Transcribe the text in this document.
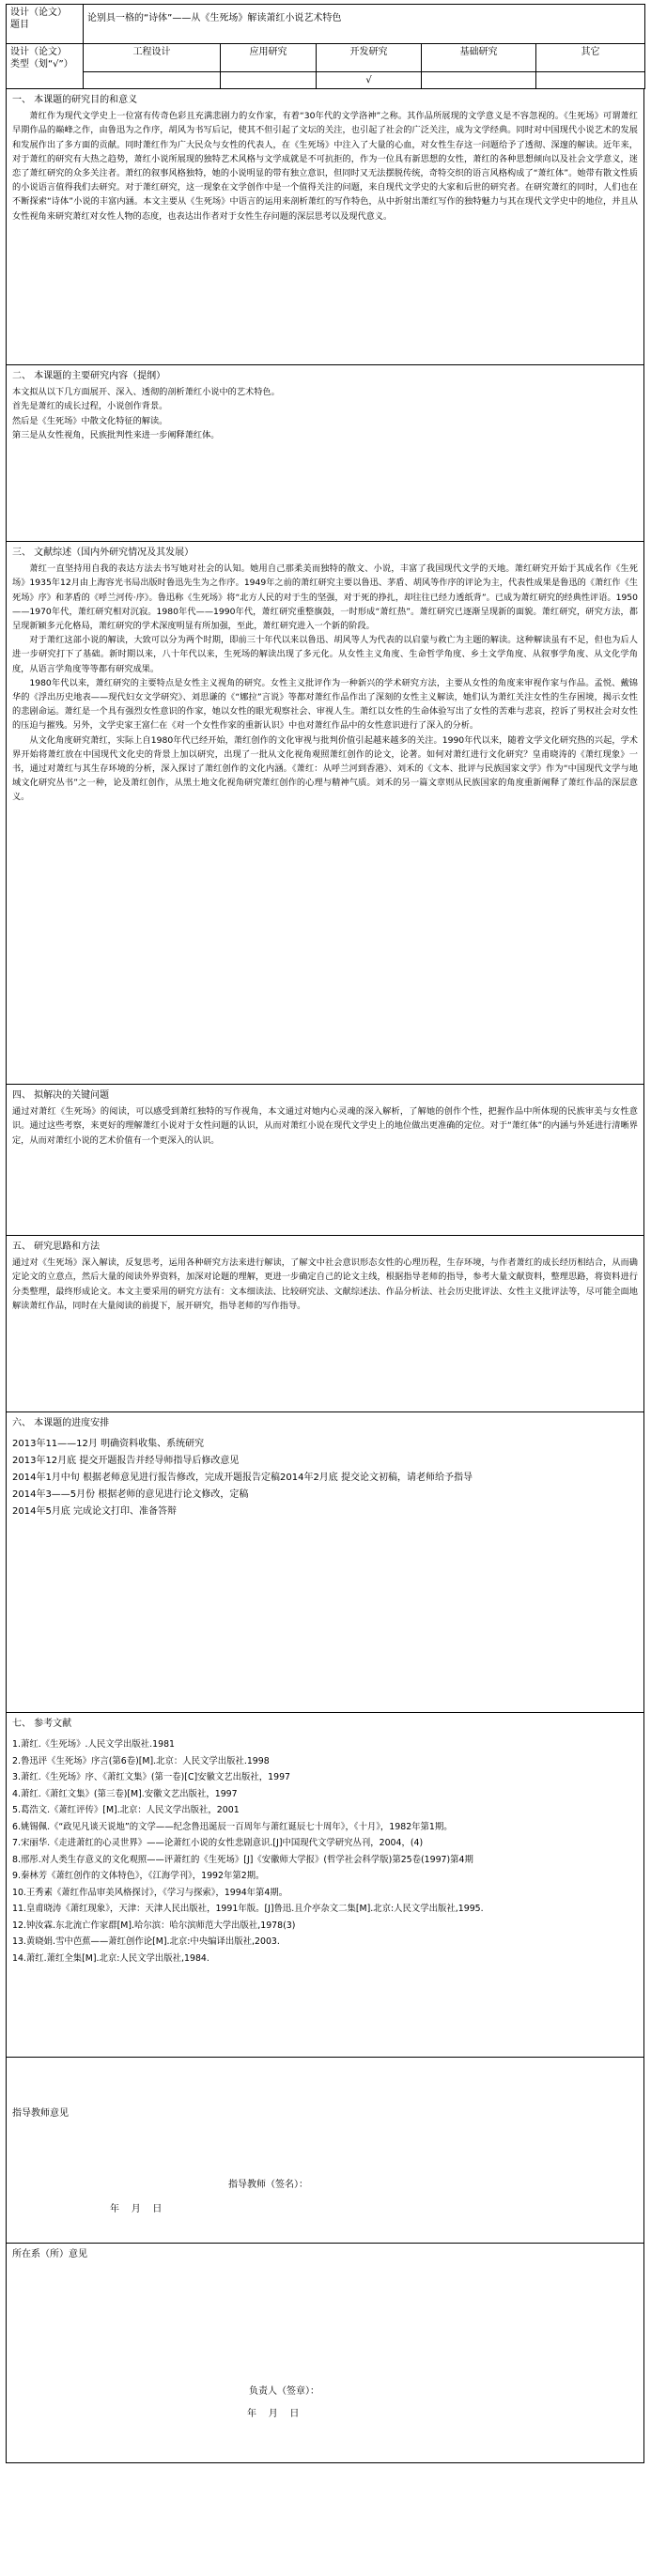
设计（论文）
题目	论别具一格的“诗体”——从《生死场》解读萧红小说艺术特色				
设计（论文）
类型（划“√”）	工程设计	应用研究	开发研究	基础研究	其它
			√		
一、 本课题的研究目的和意义

萧红作为现代文学史上一位富有传奇色彩且充满悲剧力的女作家，有着“30年代的文学洛神”之称。其作品所展现的文学意义是不容忽视的。《生死场》可谓萧红早期作品的巅峰之作，由鲁迅为之作序，胡风为书写后记，使其不但引起了文坛的关注，也引起了社会的广泛关注，成为文学经典。同时对中国现代小说艺术的发展和发展作出了多方面的贡献。同时萧红作为广大民众与女性的代表人，在《生死场》中注入了大量的心血，对女性生存这一问题给予了透彻、深邃的解读。近年来，对于萧红的研究有大热之趋势，萧红小说所展现的独特艺术风格与文学成就是不可抗拒的，作为一位具有新思想的女性，萧红的各种思想倾向以及社会文学意义，迷恋了萧红研究的众多关注者。萧红的叙事风格独特，她的小说明显的带有独立意识，但同时又无法摆脱传统，奇特交织的语言风格构成了“萧红体”。她带有散文性质的小说语言值得我们去研究。对于萧红研究，这一现象在文学创作中是一个值得关注的问题，来自现代文学史的大家和后世的研究者。在研究萧红的同时，人们也在不断探索“诗体”小说的丰富内涵。本文主要从《生死场》中语言的运用来剖析萧红的写作特色，从中折射出萧红写作的独特魅力与其在现代文学史中的地位，并且从女性视角来研究萧红对女性人物的态度，也表达出作者对于女性生存问题的深层思考以及现代意义。

二、 本课题的主要研究内容（提纲）

本文拟从以下几方面展开、深入、透彻的剖析萧红小说中的艺术特色。

首先是萧红的成长过程，小说创作背景。

然后是《生死场》中散文化特征的解读。

第三是从女性视角，民族批判性来进一步阐释萧红体。

三、 文献综述（国内外研究情况及其发展）

萧红一直坚持用自我的表达方法去书写她对社会的认知。她用自己那柔美而独特的散文、小说，丰富了我国现代文学的天地。萧红研究开始于其成名作《生死场》1935年12月由上海容光书局出版时鲁迅先生为之作序。1949年之前的萧红研究主要以鲁迅、茅盾、胡风等作序的评论为主，代表性成果是鲁迅的《萧红作《生死场》序》和茅盾的《呼兰河传·序》。鲁迅称《生死场》将“北方人民的对于生的坚强，对于死的挣扎，却往往已经力透纸背”。已成为萧红研究的经典性评语。1950——1970年代，萧红研究相对沉寂。1980年代——1990年代，萧红研究重整旗鼓，一时形成“萧红热”。萧红研究已逐渐呈现新的面貌。萧红研究，研究方法，都呈现新颖多元化格局，萧红研究的学术深度明显有所加强，至此，萧红研究进入一个新的阶段。

对于萧红这部小说的解读，大致可以分为两个时期，即前三十年代以来以鲁迅、胡风等人为代表的以启蒙与救亡为主题的解读。这种解读虽有不足，但也为后人进一步研究打下了基础。新时期以来，八十年代以来，生死场的解读出现了多元化。从女性主义角度、生命哲学角度、乡土文学角度、从叙事学角度、从文化学角度，从语言学角度等等都有研究成果。

1980年代以来，萧红研究的主要特点是女性主义视角的研究。女性主义批评作为一种新兴的学术研究方法，主要从女性的角度来审视作家与作品。孟悦、戴锦华的《浮出历史地表——现代妇女文学研究》、刘思谦的《“娜拉”言说》等都对萧红作品作出了深刻的女性主义解读，她们认为萧红关注女性的生存困境，揭示女性的悲剧命运。萧红是一个具有强烈女性意识的作家，她以女性的眼光观察社会、审视人生。萧红以女性的生命体验写出了女性的苦难与悲哀，控诉了男权社会对女性的压迫与摧残。另外，文学史家王富仁在《对一个女性作家的重新认识》中也对萧红作品中的女性意识进行了深入的分析。

从文化角度研究萧红，实际上自1980年代已经开始，萧红创作的文化审视与批判价值引起越来越多的关注。1990年代以来，随着文学文化研究热的兴起，学术界开始将萧红放在中国现代文化史的背景上加以研究，出现了一批从文化视角观照萧红创作的论文，论著。如何对萧红进行文化研究？皇甫晓涛的《萧红现象》一书，通过对萧红与其生存环境的分析，深入探讨了萧红创作的文化内涵。《萧红：从呼兰河到香港》、刘禾的《文本、批评与民族国家文学》作为“中国现代文学与地域文化研究丛书”之一种，论及萧红创作，从黑土地文化视角研究萧红创作的心理与精神气质。刘禾的另一篇文章则从民族国家的角度重新阐释了萧红作品的深层意义。

四、 拟解决的关键问题

通过对萧红《生死场》的阅读，可以感受到萧红独特的写作视角，本文通过对她内心灵魂的深入解析，了解她的创作个性，把握作品中所体现的民族审美与女性意识。通过这些考察，来更好的理解萧红小说对于女性问题的认识，从而对萧红小说在现代文学史上的地位做出更准确的定位。对于“萧红体”的内涵与外延进行清晰界定，从而对萧红小说的艺术价值有一个更深入的认识。

五、 研究思路和方法

通过对《生死场》深入解读，反复思考，运用各种研究方法来进行解读，了解文中社会意识形态女性的心理历程，生存环境，与作者萧红的成长经历相结合，从而确定论文的立意点，然后大量的阅读外界资料，加深对论题的理解，更进一步确定自己的论文主线，根据指导老师的指导，参考大量文献资料，整理思路，将资料进行分类整理，最终形成论文。本文主要采用的研究方法有：文本细读法、比较研究法、文献综述法、作品分析法、社会历史批评法、女性主义批评法等，尽可能全面地解读萧红作品，同时在大量阅读的前提下，展开研究，指导老师的写作指导。

六、 本课题的进度安排

2013年11——12月 明确资料收集、系统研究

2013年12月底 提交开题报告并经导师指导后修改意见

2014年1月中旬 根据老师意见进行报告修改，完成开题报告定稿2014年2月底 提交论文初稿，请老师给予指导

2014年3——5月份 根据老师的意见进行论文修改，定稿

2014年5月底 完成论文打印、准备答辩

七、 参考文献
1.萧红.《生死场》.人民文学出版社.1981
2.鲁迅评《生死场》序言(第6卷)[M].北京：人民文学出版社.1998
3.萧红.《生死场》序、《萧红文集》(第一卷)[C]安徽文艺出版社，1997
4.萧红.《萧红文集》(第三卷)[M].安徽文艺出版社，1997
5.葛浩文.《萧红评传》[M].北京：人民文学出版社，2001
6.姚锡佩.《“政见凡谈天说地”的文学——纪念鲁迅诞辰一百周年与萧红诞辰七十周年》，《十月》，1982年第1期。
7.宋丽华.《走进萧红的心灵世界》——论萧红小说的女性悲剧意识.[J]中国现代文学研究丛刊，2004，(4)
8.邢彤.对人类生存意义的文化观照——评萧红的《生死场》[J]《安徽师大学报》(哲学社会科学版)第25卷(1997)第4期
9.秦林芳《萧红创作的文体特色》，《江海学刊》，1992年第2期。
10.王秀素《萧红作品审美风格探讨》，《学习与探索》，1994年第4期。
11.皇甫晓涛《萧红现象》，天津：天津人民出版社，1991年版。[J]鲁迅.且介亭杂文二集[M].北京:人民文学出版社,1995.
12.钟汝霖.东北流亡作家群[M].哈尔滨：哈尔滨师范大学出版社,1978(3)
13.黄晓娟.雪中芭蕉——萧红创作论[M].北京:中央编译出版社,2003.
14.萧红.萧红全集[M].北京:人民文学出版社,1984.
指导教师意见
指导教师（签名）：
年    月    日
所在系（所）意见
负责人（签章）：
年    月    日
